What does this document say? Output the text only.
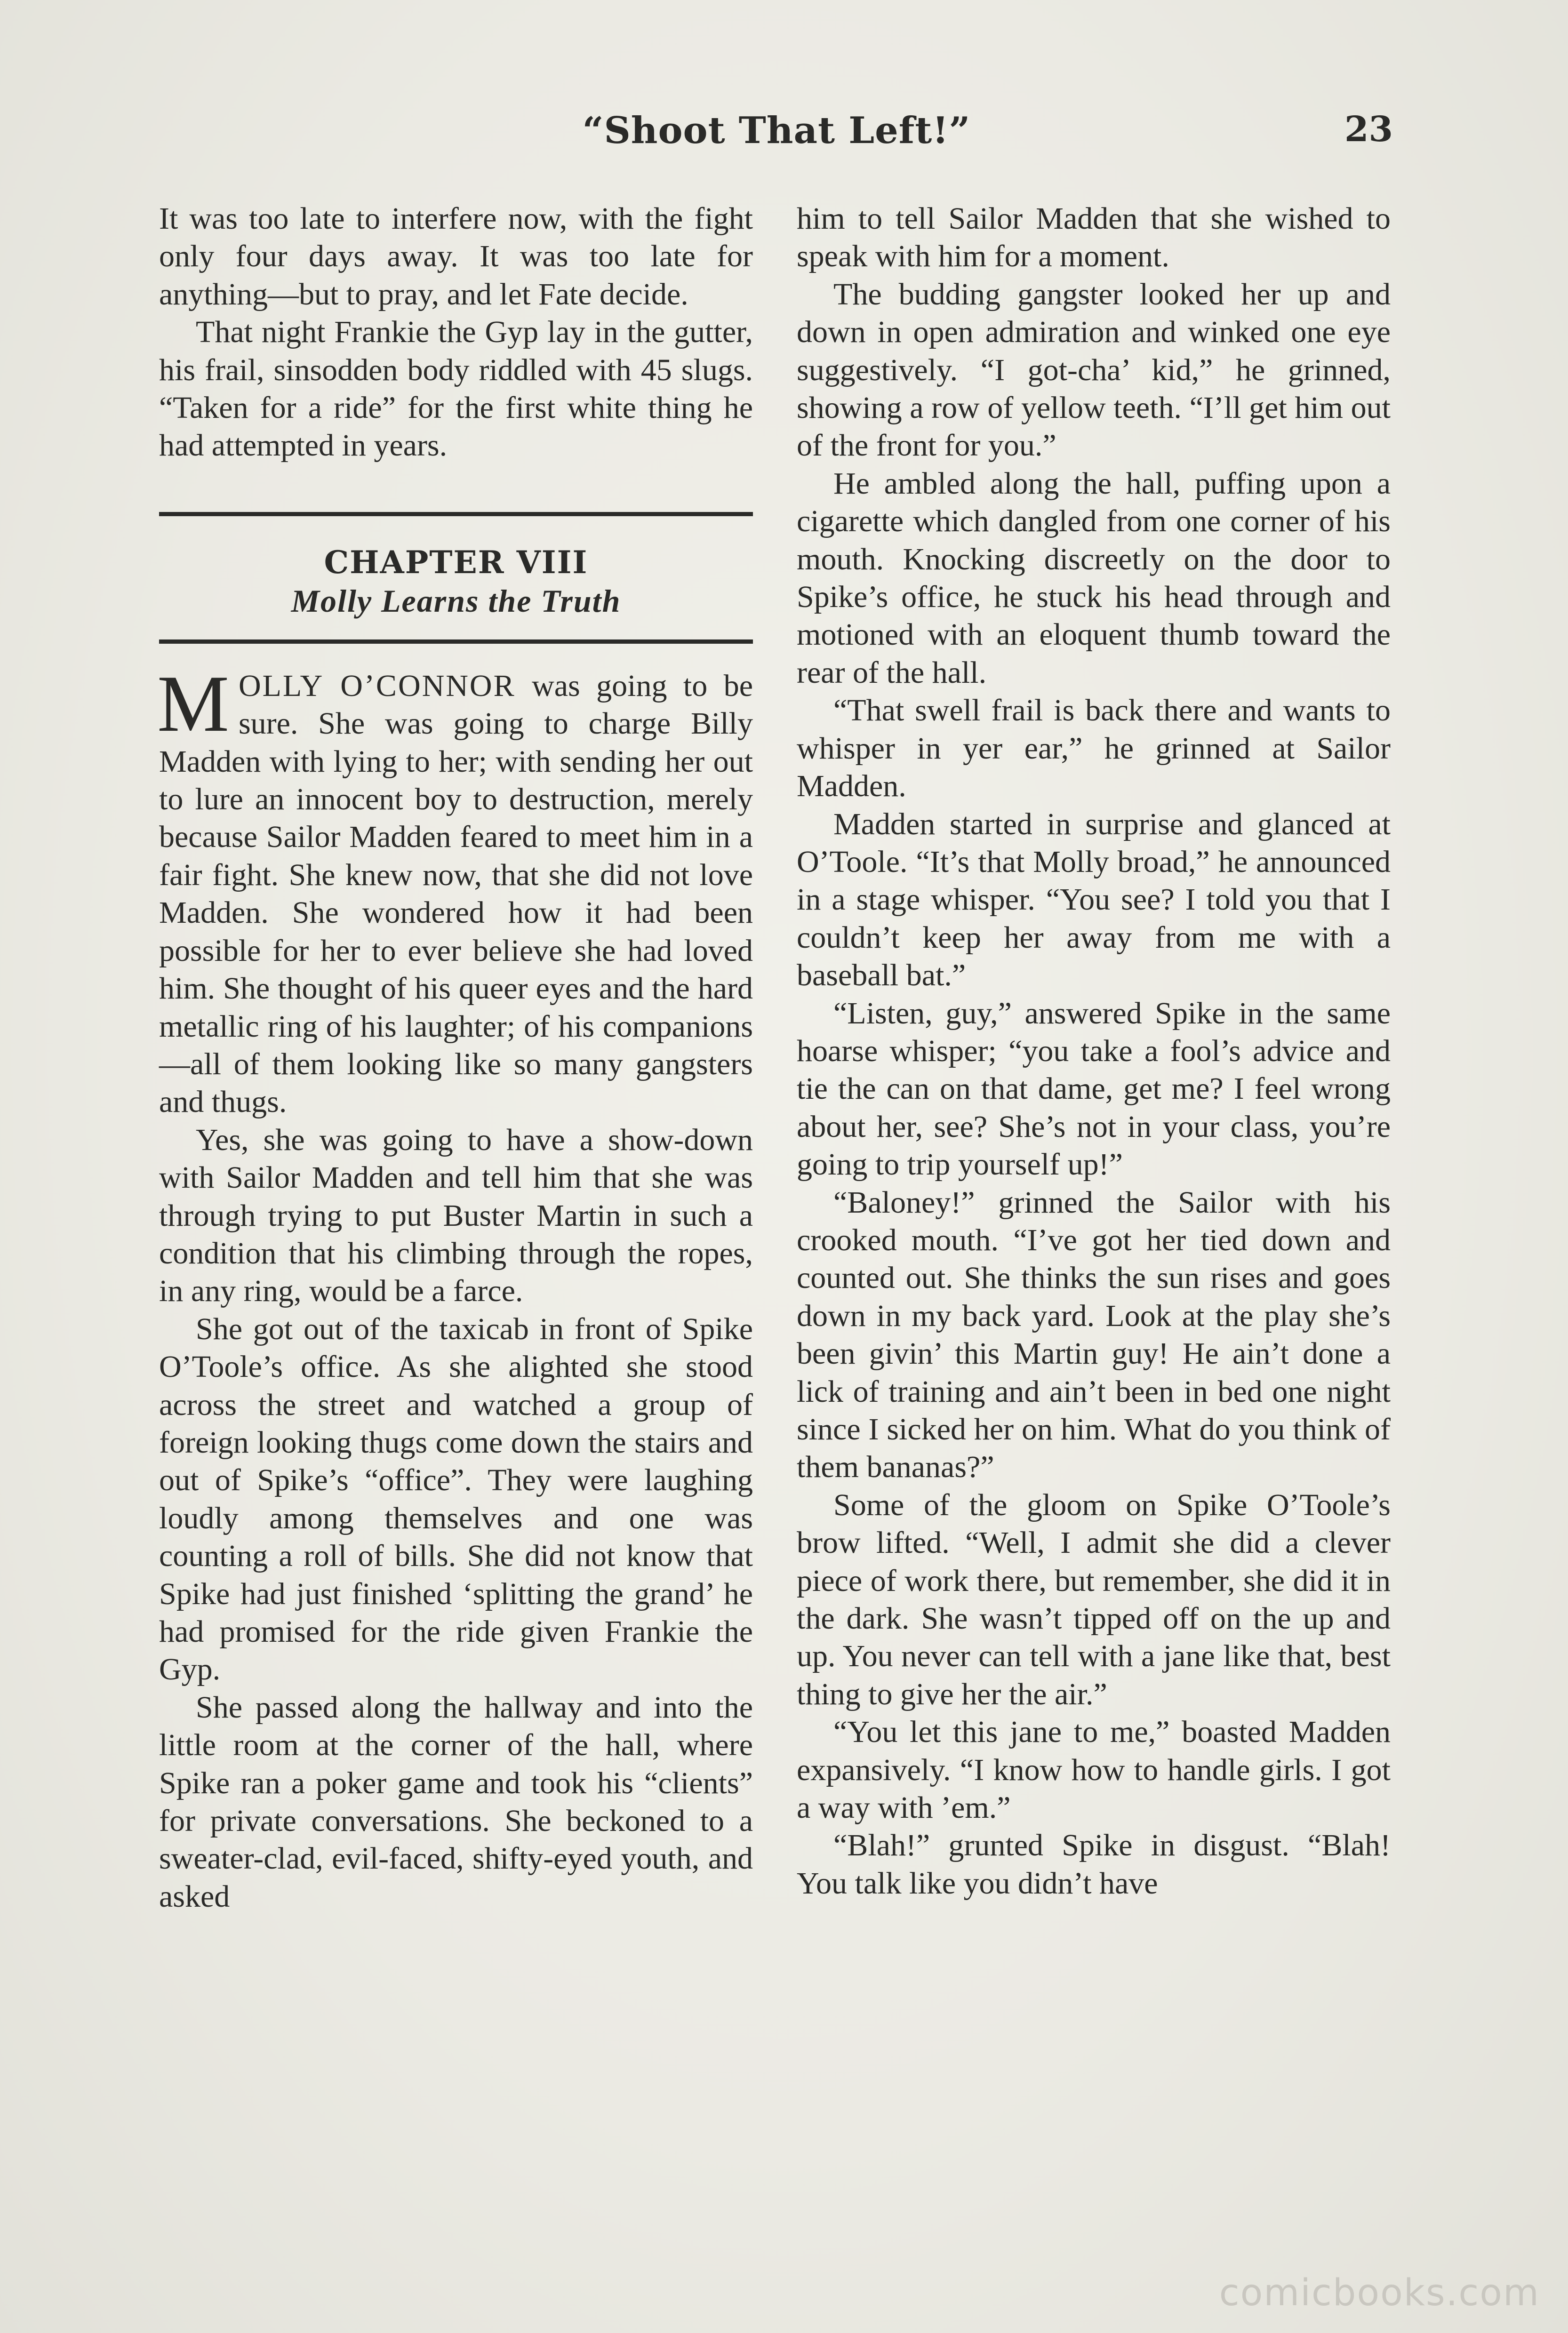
“Shoot That Left!”	23

It was too late to interfere now, with the fight only four days away. It was too late for anything—but to pray, and let Fate decide.

That night Frankie the Gyp lay in the gutter, his frail, sinsodden body riddled with 45 slugs. “Taken for a ride” for the first white thing he had attempted in years.

CHAPTER VIII
Molly Learns the Truth

MOLLY O’CONNOR was going to be sure. She was going to charge Billy Madden with lying to her; with sending her out to lure an innocent boy to destruction, merely because Sailor Madden feared to meet him in a fair fight. She knew now, that she did not love Madden. She wondered how it had been possible for her to ever believe she had loved him. She thought of his queer eyes and the hard metallic ring of his laughter; of his companions —all of them looking like so many gangsters and thugs.

Yes, she was going to have a show-down with Sailor Madden and tell him that she was through trying to put Buster Martin in such a condition that his climbing through the ropes, in any ring, would be a farce.

She got out of the taxicab in front of Spike O’Toole’s office. As she alighted she stood across the street and watched a group of foreign looking thugs come down the stairs and out of Spike’s “office”. They were laughing loudly among themselves and one was counting a roll of bills. She did not know that Spike had just finished ‘splitting the grand’ he had promised for the ride given Frankie the Gyp.

She passed along the hallway and into the little room at the corner of the hall, where Spike ran a poker game and took his “clients” for private conversations. She beckoned to a sweater-clad, evil-faced, shifty-eyed youth, and asked

him to tell Sailor Madden that she wished to speak with him for a moment.

The budding gangster looked her up and down in open admiration and winked one eye suggestively. “I got-cha’ kid,” he grinned, showing a row of yellow teeth. “I’ll get him out of the front for you.”

He ambled along the hall, puffing upon a cigarette which dangled from one corner of his mouth. Knocking discreetly on the door to Spike’s office, he stuck his head through and motioned with an eloquent thumb toward the rear of the hall.

“That swell frail is back there and wants to whisper in yer ear,” he grinned at Sailor Madden.

Madden started in surprise and glanced at O’Toole. “It’s that Molly broad,” he announced in a stage whisper. “You see? I told you that I couldn’t keep her away from me with a baseball bat.”

“Listen, guy,” answered Spike in the same hoarse whisper; “you take a fool’s advice and tie the can on that dame, get me? I feel wrong about her, see? She’s not in your class, you’re going to trip yourself up!”

“Baloney!” grinned the Sailor with his crooked mouth. “I’ve got her tied down and counted out. She thinks the sun rises and goes down in my back yard. Look at the play she’s been givin’ this Martin guy! He ain’t done a lick of training and ain’t been in bed one night since I sicked her on him. What do you think of them bananas?”

Some of the gloom on Spike O’Toole’s brow lifted. “Well, I admit she did a clever piece of work there, but remember, she did it in the dark. She wasn’t tipped off on the up and up. You never can tell with a jane like that, best thing to give her the air.”

“You let this jane to me,” boasted Madden expansively. “I know how to handle girls. I got a way with ’em.”

“Blah!” grunted Spike in disgust. “Blah! You talk like you didn’t have

comicbooks.com
